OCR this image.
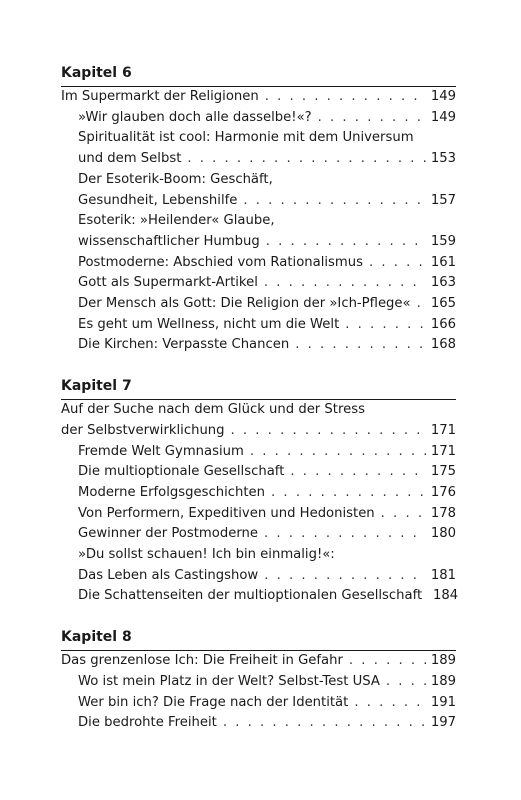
Kapitel 6
Im Supermarkt der Religionen . . .	149
»Wir glauben doch alle dasselbe!«? . . .	149
Spiritualität ist cool: Harmonie mit dem Universum
und dem Selbst . . .	153
Der Esoterik-Boom: Geschäft,
Gesundheit, Lebenshilfe . . .	157
Esoterik: »Heilender« Glaube,
wissenschaftlicher Humbug . . .	159
Postmoderne: Abschied vom Rationalismus . . .	161
Gott als Supermarkt-Artikel . . .	163
Der Mensch als Gott: Die Religion der »Ich-Pflege« . . . 165
Es geht um Wellness, nicht um die Welt . . .	166
Die Kirchen: Verpasste Chancen . . .	168
Kapitel 7
Auf der Suche nach dem Glück und der Stress
der Selbstverwirklichung . . .	171
Fremde Welt Gymnasium . . .	171
Die multioptionale Gesellschaft . . .	175
Moderne Erfolgsgeschichten . . .	176
Von Performern, Expeditiven und Hedonisten . . .	178
Gewinner der Postmoderne . . .	180
»Du sollst schauen! Ich bin einmalig!«:
Das Leben als Castingshow . . .	181
Die Schattenseiten der multioptionalen Gesellschaft 184
Kapitel 8
Das grenzenlose Ich: Die Freiheit in Gefahr . . .	189
Wo ist mein Platz in der Welt? Selbst-Test USA . . .	189
Wer bin ich? Die Frage nach der Identität . . .	191
Die bedrohte Freiheit . . .	197
